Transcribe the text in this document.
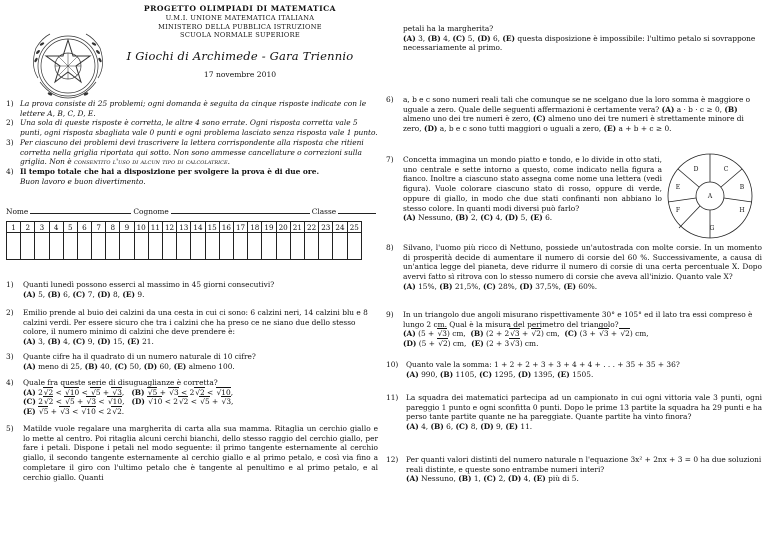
PROGETTO OLIMPIADI DI MATEMATICA
U.M.I. UNIONE MATEMATICA ITALIANA
MINISTERO DELLA PUBBLICA ISTRUZIONE
SCUOLA NORMALE SUPERIORE
I Giochi di Archimede - Gara Triennio
17 novembre 2010
1) La prova consiste di 25 problemi; ogni domanda è seguita da cinque risposte indicate con le lettere A, B, C, D, E.
2) Una sola di queste risposte è corretta, le altre 4 sono errate. Ogni risposta corretta vale 5 punti, ogni risposta sbagliata vale 0 punti e ogni problema lasciato senza risposta vale 1 punto.
3) Per ciascuno dei problemi devi trascrivere la lettera corrispondente alla risposta che ritieni corretta nella griglia riportata qui sotto. Non sono ammesse cancellature o correzioni sulla griglia. Non è consentito l'uso di alcun tipo di calcolatrice.
4) Il tempo totale che hai a disposizione per svolgere la prova è di due ore.
Buon lavoro e buon divertimento.
Nome	Cognome	Classe
1	2	3	4	5	6	7	8	9	10	11	12	13	14	15	16	17	18	19	20	21	22	23	24	25

1) Quanti lunedì possono esserci al massimo in 45 giorni consecutivi?
(A) 5, (B) 6, (C) 7, (D) 8, (E) 9.
2) Emilio prende al buio dei calzini da una cesta in cui ci sono: 6 calzini neri, 14 calzini blu e 8 calzini verdi. Per essere sicuro che tra i calzini che ha preso ce ne siano due dello stesso colore, il numero minimo di calzini che deve prendere è:
(A) 3, (B) 4, (C) 9, (D) 15, (E) 21.
3) Quante cifre ha il quadrato di un numero naturale di 10 cifre?
(A) meno di 25, (B) 40, (C) 50, (D) 60, (E) almeno 100.
4) Quale fra queste serie di disuguaglianze è corretta?
(A) 2√2 < √10 < √5 + √3,   (B) √5 + √3 < 2√2 < √10,
(C) 2√2 < √5 + √3 < √10,   (D) √10 < 2√2 < √5 + √3,
(E) √5 + √3 < √10 < 2√2.
5) Matilde vuole regalare una margherita di carta alla sua mamma. Ritaglia un cerchio giallo e lo mette al centro. Poi ritaglia alcuni cerchi bianchi, dello stesso raggio del cerchio giallo, per fare i petali. Dispone i petali nel modo seguente: il primo tangente esternamente al cerchio giallo, il secondo tangente esternamente al cerchio giallo e al primo petalo, e così via fino a completare il giro con l'ultimo petalo che è tangente al penultimo e al primo petalo, e al cerchio giallo. Quanti
petali ha la margherita?
(A) 3, (B) 4, (C) 5, (D) 6, (E) questa disposizione è impossibile: l'ultimo petalo si sovrappone necessariamente al primo.
6) a, b e c sono numeri reali tali che comunque se ne scelgano due la loro somma è maggiore o uguale a zero. Quale delle seguenti affermazioni è certamente vera? (A) a · b · c ≥ 0, (B) almeno uno dei tre numeri è zero, (C) almeno uno dei tre numeri è strettamente minore di zero, (D) a, b e c sono tutti maggiori o uguali a zero, (E) a + b + c ≥ 0.
7) Concetta immagina un mondo piatto e tondo, e lo divide in otto stati, uno centrale e sette intorno a questo, come indicato nella figura a fianco. Inoltre a ciascuno stato assegna come nome una lettera (vedi figura). Vuole colorare ciascuno stato di rosso, oppure di verde, oppure di giallo, in modo che due stati confinanti non abbiano lo stesso colore. In quanti modi diversi può farlo?
(A) Nessuno, (B) 2, (C) 4, (D) 5, (E) 6.
D	C
E	B
A
F	H
G
8) Silvano, l'uomo più ricco di Nettuno, possiede un'autostrada con molte corsie. In un momento di prosperità decide di aumentare il numero di corsie del 60 %. Successivamente, a causa di un'antica legge del pianeta, deve ridurre il numero di corsie di una certa percentuale X. Dopo avervi fatto sì ritrova con lo stesso numero di corsie che aveva all'inizio. Quanto vale X?
(A) 15%, (B) 21,5%, (C) 28%, (D) 37,5%, (E) 60%.
9) In un triangolo due angoli misurano rispettivamente 30° e 105° ed il lato tra essi compreso è lungo 2 cm. Qual è la misura del perimetro del triangolo?
(A) (5 + √3) cm,  (B) (2 + 2√3 + √2) cm,  (C) (3 + √3 + √2) cm,
(D) (5 + √2) cm,  (E) (2 + 3√3) cm.
10) Quanto vale la somma: 1 + 2 + 2 + 3 + 3 + 4 + 4 + . . . + 35 + 35 + 36?
(A) 990, (B) 1105, (C) 1295, (D) 1395, (E) 1505.
11) La squadra dei matematici partecipa ad un campionato in cui ogni vittoria vale 3 punti, ogni pareggio 1 punto e ogni sconfitta 0 punti. Dopo le prime 13 partite la squadra ha 29 punti e ha perso tante partite quante ne ha pareggiate. Quante partite ha vinto finora?
(A) 4, (B) 6, (C) 8, (D) 9, (E) 11.
12) Per quanti valori distinti del numero naturale n l'equazione 3x² + 2nx + 3 = 0 ha due soluzioni reali distinte, e queste sono entrambe numeri interi?
(A) Nessuno, (B) 1, (C) 2, (D) 4, (E) più di 5.
